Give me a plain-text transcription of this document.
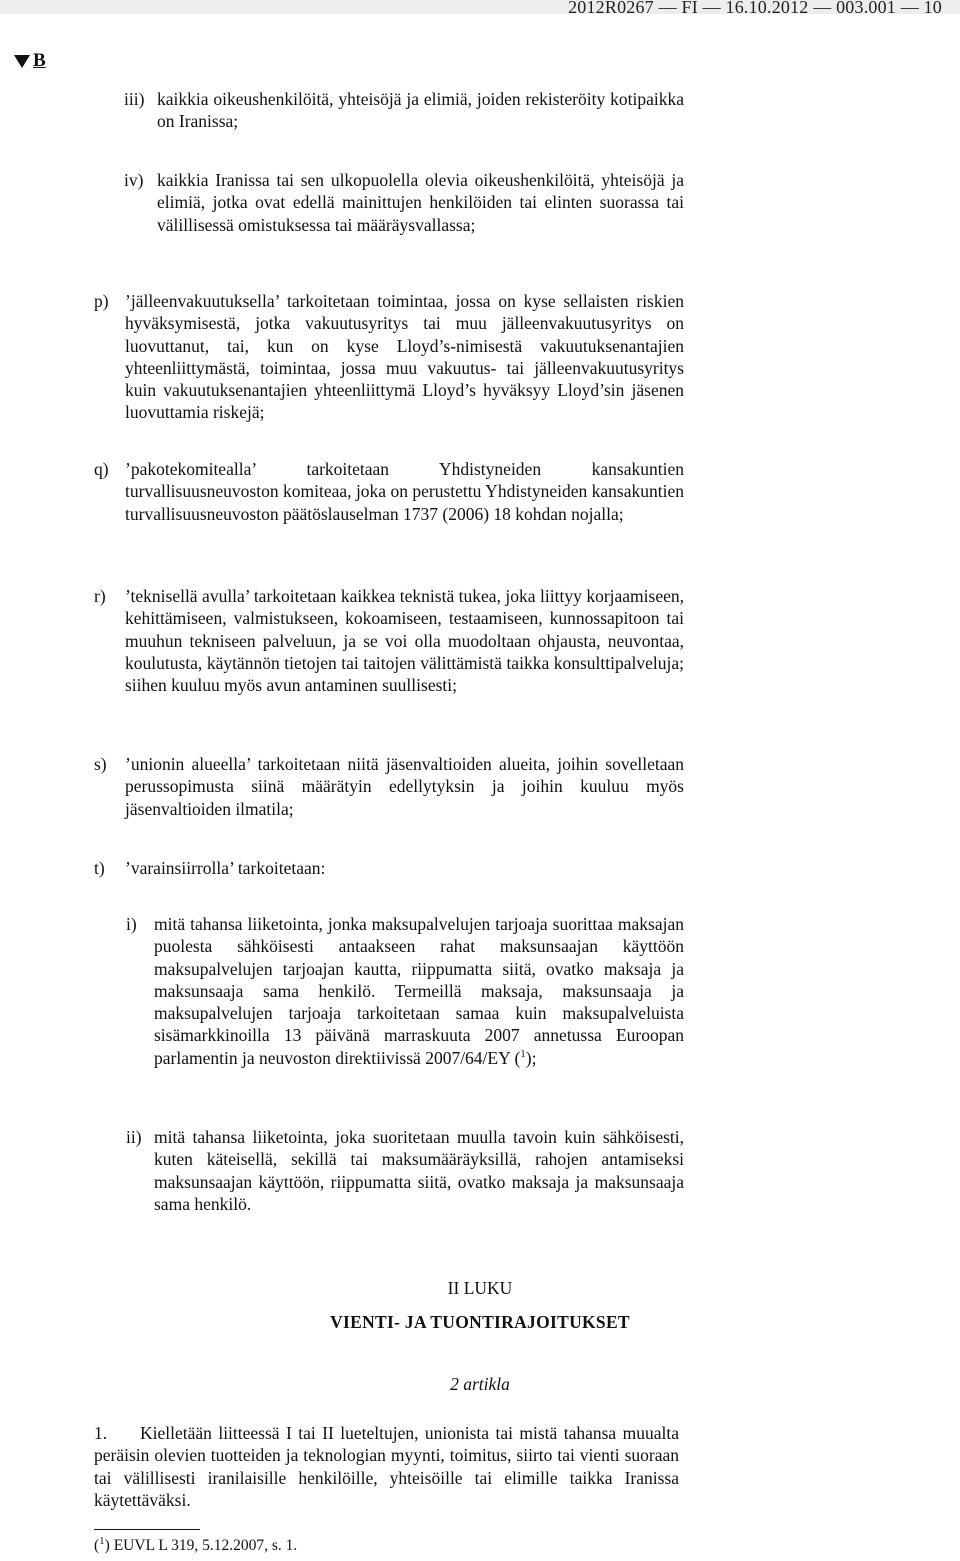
2012R0267 — FI — 16.10.2012 — 003.001 — 10
B
iii) kaikkia oikeushenkilöitä, yhteisöjä ja elimiä, joiden rekisteröity kotipaikka on Iranissa;
iv) kaikkia Iranissa tai sen ulkopuolella olevia oikeushenkilöitä, yhteisöjä ja elimiä, jotka ovat edellä mainittujen henkilöiden tai elinten suorassa tai välillisessä omistuksessa tai määräysvallassa;
p) ’jälleenvakuutuksella’ tarkoitetaan toimintaa, jossa on kyse sellaisten riskien hyväksymisestä, jotka vakuutusyritys tai muu jälleenvakuutusyritys on luovuttanut, tai, kun on kyse Lloyd’s-nimisestä vakuutuksenantajien yhteenliittymästä, toimintaa, jossa muu vakuutus- tai jälleenvakuutusyritys kuin vakuutuksenantajien yhteenliittymä Lloyd’s hyväksyy Lloyd’sin jäsenen luovuttamia riskejä;
q) ’pakotekomitealla’ tarkoitetaan Yhdistyneiden kansakuntien turvallisuusneuvoston komiteaa, joka on perustettu Yhdistyneiden kansakuntien turvallisuusneuvoston päätöslauselman 1737 (2006) 18 kohdan nojalla;
r) ’teknisellä avulla’ tarkoitetaan kaikkea teknistä tukea, joka liittyy korjaamiseen, kehittämiseen, valmistukseen, kokoamiseen, testaamiseen, kunnossapitoon tai muuhun tekniseen palveluun, ja se voi olla muodoltaan ohjausta, neuvontaa, koulutusta, käytännön tietojen tai taitojen välittämistä taikka konsulttipalveluja; siihen kuuluu myös avun antaminen suullisesti;
s) ’unionin alueella’ tarkoitetaan niitä jäsenvaltioiden alueita, joihin sovelletaan perussopimusta siinä määrätyin edellytyksin ja joihin kuuluu myös jäsenvaltioiden ilmatila;
t) ’varainsiirrolla’ tarkoitetaan:
i) mitä tahansa liiketointa, jonka maksupalvelujen tarjoaja suorittaa maksajan puolesta sähköisesti antaakseen rahat maksunsaajan käyttöön maksupalvelujen tarjoajan kautta, riippumatta siitä, ovatko maksaja ja maksunsaaja sama henkilö. Termeillä maksaja, maksunsaaja ja maksupalvelujen tarjoaja tarkoitetaan samaa kuin maksupalveluista sisämarkkinoilla 13 päivänä marraskuuta 2007 annetussa Euroopan parlamentin ja neuvoston direktiivissä 2007/64/EY ($^1$);
ii) mitä tahansa liiketointa, joka suoritetaan muulla tavoin kuin sähköisesti, kuten käteisellä, sekillä tai maksumääräyksillä, rahojen antamiseksi maksunsaajan käyttöön, riippumatta siitä, ovatko maksaja ja maksunsaaja sama henkilö.
II LUKU
VIENTI- JA TUONTIRAJOITUKSET
2 artikla
1.	Kielletään liitteessä I tai II lueteltujen, unionista tai mistä tahansa muualta peräisin olevien tuotteiden ja teknologian myynti, toimitus, siirto tai vienti suoraan tai välillisesti iranilaisille henkilöille, yhteisöille tai elimille taikka Iranissa käytettäväksi.
($^1$) EUVL L 319, 5.12.2007, s. 1.
